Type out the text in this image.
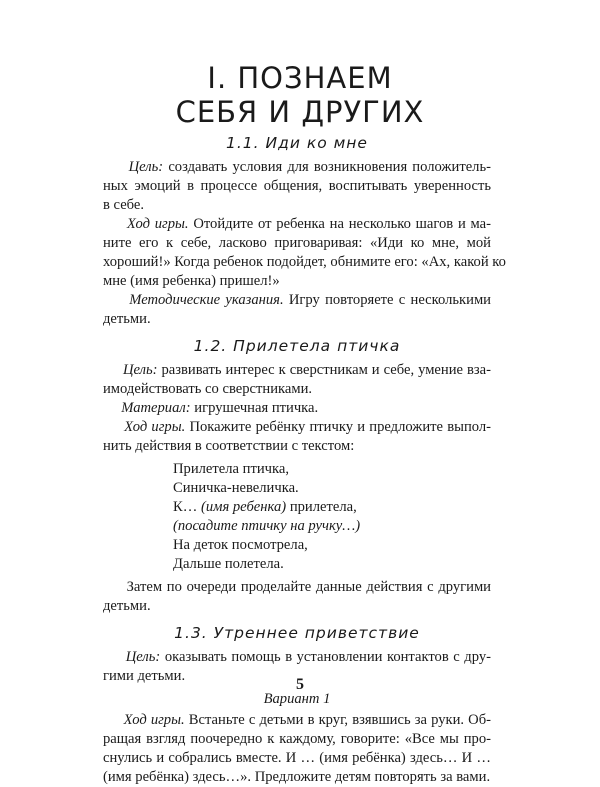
I. ПОЗНАЕМ
СЕБЯ И ДРУГИХ
1.1. Иди ко мне
Цель: создавать условия для возникновения положитель-
ных эмоций в процессе общения, воспитывать уверенность
в себе.
Ход игры. Отойдите от ребенка на несколько шагов и ма-
ните его к себе, ласково приговаривая: «Иди ко мне, мой
хороший!» Когда ребенок подойдет, обнимите его: «Ах, какой ко
мне (имя ребенка) пришел!»
Методические указания. Игру повторяете с несколькими
детьми.
1.2. Прилетела птичка
Цель: развивать интерес к сверстникам и себе, умение вза-
имодействовать со сверстниками.
Материал: игрушечная птичка.
Ход игры. Покажите ребёнку птичку и предложите выпол-
нить действия в соответствии с текстом:
Прилетела птичка,
Синичка-невеличка.
К… (имя ребенка) прилетела,
(посадите птичку на ручку…)
На деток посмотрела,
Дальше полетела.
Затем по очереди проделайте данные действия с другими
детьми.
1.3. Утреннее приветствие
Цель: оказывать помощь в установлении контактов с дру-
гими детьми.
Вариант 1
Ход игры. Встаньте с детьми в круг, взявшись за руки. Об-
ращая взгляд поочередно к каждому, говорите: «Все мы про-
снулись и собрались вместе. И … (имя ребёнка) здесь… И …
(имя ребёнка) здесь…». Предложите детям повторять за вами.
5
